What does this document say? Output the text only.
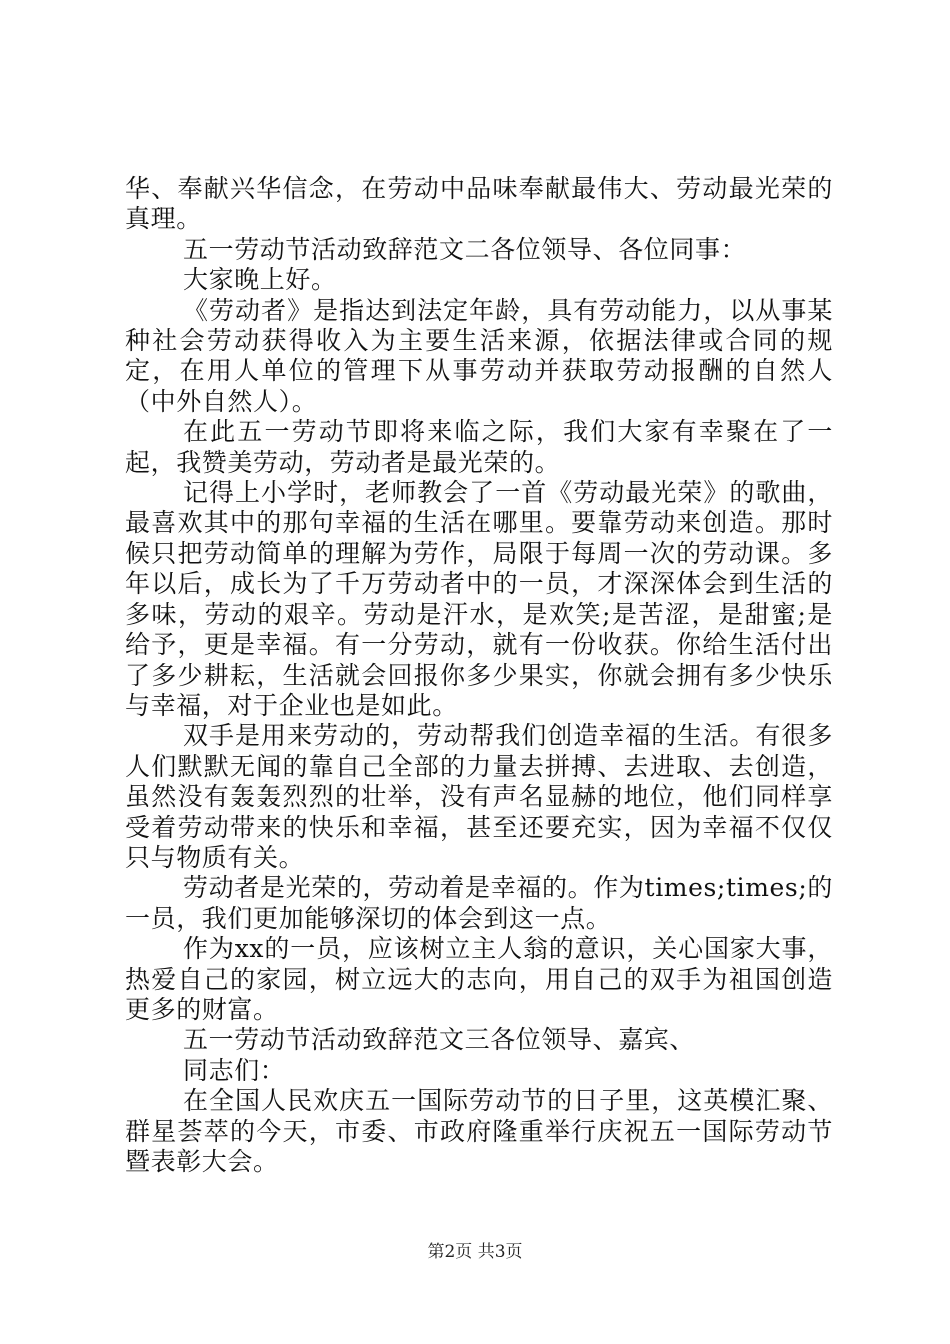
华、奉献兴华信念，在劳动中品味奉献最伟大、劳动最光荣的真理。

五一劳动节活动致辞范文二各位领导、各位同事：

大家晚上好。

《劳动者》是指达到法定年龄，具有劳动能力，以从事某种社会劳动获得收入为主要生活来源，依据法律或合同的规定，在用人单位的管理下从事劳动并获取劳动报酬的自然人（中外自然人）。

在此五一劳动节即将来临之际，我们大家有幸聚在了一起，我赞美劳动，劳动者是最光荣的。

记得上小学时，老师教会了一首《劳动最光荣》的歌曲，最喜欢其中的那句幸福的生活在哪里。要靠劳动来创造。那时候只把劳动简单的理解为劳作，局限于每周一次的劳动课。多年以后，成长为了千万劳动者中的一员，才深深体会到生活的多味，劳动的艰辛。劳动是汗水，是欢笑;是苦涩，是甜蜜;是给予，更是幸福。有一分劳动，就有一份收获。你给生活付出了多少耕耘，生活就会回报你多少果实，你就会拥有多少快乐与幸福，对于企业也是如此。

双手是用来劳动的，劳动帮我们创造幸福的生活。有很多人们默默无闻的靠自己全部的力量去拼搏、去进取、去创造，虽然没有轰轰烈烈的壮举，没有声名显赫的地位，他们同样享受着劳动带来的快乐和幸福，甚至还要充实，因为幸福不仅仅只与物质有关。

劳动者是光荣的，劳动着是幸福的。作为times;times;的一员，我们更加能够深切的体会到这一点。

作为xx的一员，应该树立主人翁的意识，关心国家大事，热爱自己的家园，树立远大的志向，用自己的双手为祖国创造更多的财富。

五一劳动节活动致辞范文三各位领导、嘉宾、

同志们：

在全国人民欢庆五一国际劳动节的日子里，这英模汇聚、群星荟萃的今天，市委、市政府隆重举行庆祝五一国际劳动节暨表彰大会。

第2页 共3页
